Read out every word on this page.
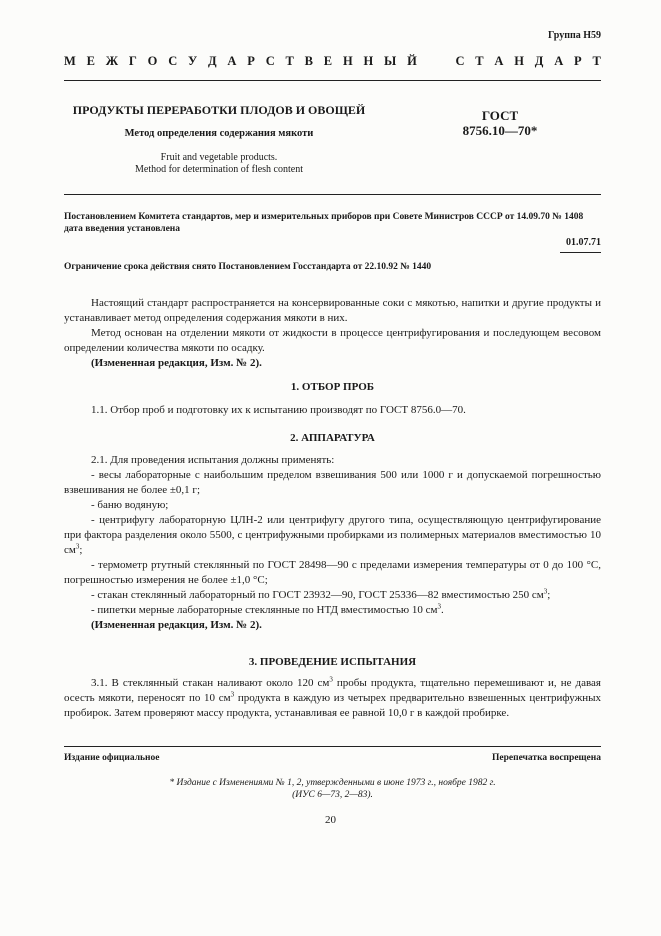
Группа Н59
М Е Ж Г О С У Д А Р С Т В Е Н Н Ы Й

	С Т А Н Д А Р Т
ПРОДУКТЫ ПЕРЕРАБОТКИ ПЛОДОВ И ОВОЩЕЙ
Метод определения содержания мякоти
Fruit and vegetable products.
Method for determination of flesh content
ГОСТ
8756.10—70*
Постановлением Комитета стандартов, мер и измерительных приборов при Совете Министров СССР от 14.09.70 № 1408 дата введения установлена
01.07.71
Ограничение срока действия снято Постановлением Госстандарта от 22.10.92 № 1440

Настоящий стандарт распространяется на консервированные соки с мякотью, напитки и другие продукты и устанавливает метод определения содержания мякоти в них.

Метод основан на отделении мякоти от жидкости в процессе центрифугирования и последующем весовом определении количества мякоти по осадку.

(Измененная редакция, Изм. № 2).

1. ОТБОР ПРОБ

1.1. Отбор проб и подготовку их к испытанию производят по ГОСТ 8756.0—70.

2. АППАРАТУРА

2.1. Для проведения испытания должны применять:

- весы лабораторные с наибольшим пределом взвешивания 500 или 1000 г и допускаемой погрешностью взвешивания не более ±0,1 г;

- баню водяную;

- центрифугу лабораторную ЦЛН-2 или центрифугу другого типа, осуществляющую центрифугирование при фактора разделения около 5500, с центрифужными пробирками из полимерных материалов вместимостью 10 $см^3$;

- термометр ртутный стеклянный по ГОСТ 28498—90 с пределами измерения температуры от 0 до 100 °С, погрешностью измерения не более ±1,0 °С;

- стакан стеклянный лабораторный по ГОСТ 23932—90, ГОСТ 25336—82 вместимостью 250 $см^3$;

- пипетки мерные лабораторные стеклянные по НТД вместимостью 10 $см^3$.

(Измененная редакция, Изм. № 2).

3. ПРОВЕДЕНИЕ ИСПЫТАНИЯ

3.1. В стеклянный стакан наливают около 120 $см^3$ пробы продукта, тщательно перемешивают и, не давая осесть мякоти, переносят по 10 $см^3$ продукта в каждую из четырех предварительно взвешенных центрифужных пробирок. Затем проверяют массу продукта, устанавливая ее равной 10,0 г в каждой пробирке.

Издание официальное	Перепечатка воспрещена
* Издание с Изменениями № 1, 2, утвержденными в июне 1973 г., ноябре 1982 г.
(ИУС 6—73, 2—83).
20
